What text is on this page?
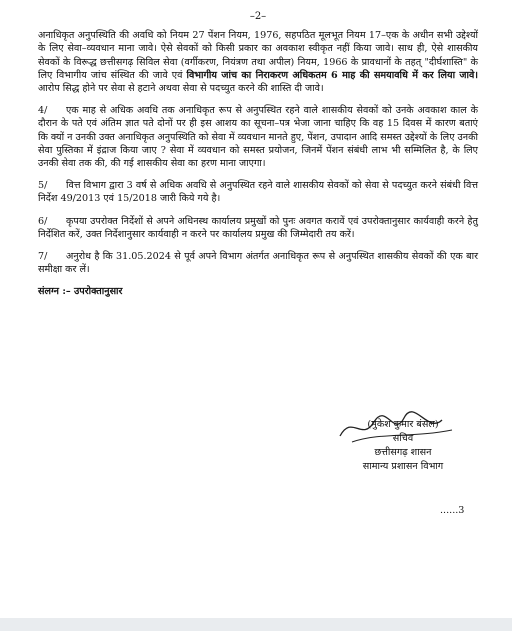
–2–

अनाधिकृत अनुपस्थिति की अवधि को नियम 27 पेंशन नियम, 1976, सहपठित मूलभूत नियम 17–एक के अधीन सभी उद्देश्यों के लिए सेवा–व्यवधान माना जावे। ऐसे सेवकों को किसी प्रकार का अवकाश स्वीकृत नहीं किया जावे। साथ ही, ऐसे शासकीय सेवकों के विरूद्ध छत्तीसगढ़ सिविल सेवा (वर्गीकरण, नियंत्रण तथा अपील) नियम, 1966 के प्रावधानों के तहत् "दीर्घशास्ति" के लिए विभागीय जांच संस्थित की जावे एवं विभागीय जांच का निराकरण अधिकतम 6 माह की समयावधि में कर लिया जावे। आरोप सिद्ध होने पर सेवा से हटाने अथवा सेवा से पदच्युत करने की शास्ति दी जावे।

4/ एक माह से अधिक अवधि तक अनाधिकृत रूप से अनुपस्थित रहने वाले शासकीय सेवकों को उनके अवकाश काल के दौरान के पते एवं अंतिम ज्ञात पते दोनों पर ही इस आशय का सूचना–पत्र भेजा जाना चाहिए कि वह 15 दिवस में कारण बताएं कि क्यों न उनकी उक्त अनाधिकृत अनुपस्थिति को सेवा में व्यवधान मानते हुए, पेंशन, उपादान आदि समस्त उद्देश्यों के लिए उनकी सेवा पुस्तिका में इंद्राज किया जाए ? सेवा में व्यवधान को समस्त प्रयोजन, जिनमें पेंशन संबंधी लाभ भी सम्मिलित है, के लिए उनकी सेवा तक की, की गई शासकीय सेवा का हरण माना जाएगा।

5/ वित्त विभाग द्वारा 3 वर्ष से अधिक अवधि से अनुपस्थित रहने वाले शासकीय सेवकों को सेवा से पदच्युत करने संबंधी वित्त निर्देश 49/2013 एवं 15/2018 जारी किये गये है।

6/ कृपया उपरोक्त निर्देशों से अपने अधिनस्थ कार्यालय प्रमुखों को पुनः अवगत करावें एवं उपरोक्तानुसार कार्यवाही करने हेतु निर्देशित करें, उक्त निर्देशानुसार कार्यवाही न करने पर कार्यालय प्रमुख की जिम्मेदारी तय करें।

7/ अनुरोध है कि 31.05.2024 से पूर्व अपने विभाग अंतर्गत अनाधिकृत रूप से अनुपस्थित शासकीय सेवकों की एक बार समीक्षा कर लें।

संलग्न :– उपरोक्तानुसार
(मुकेश कुमार बंसल)
सचिव
छत्तीसगढ़ शासन
सामान्य प्रशासन विभाग
......3
